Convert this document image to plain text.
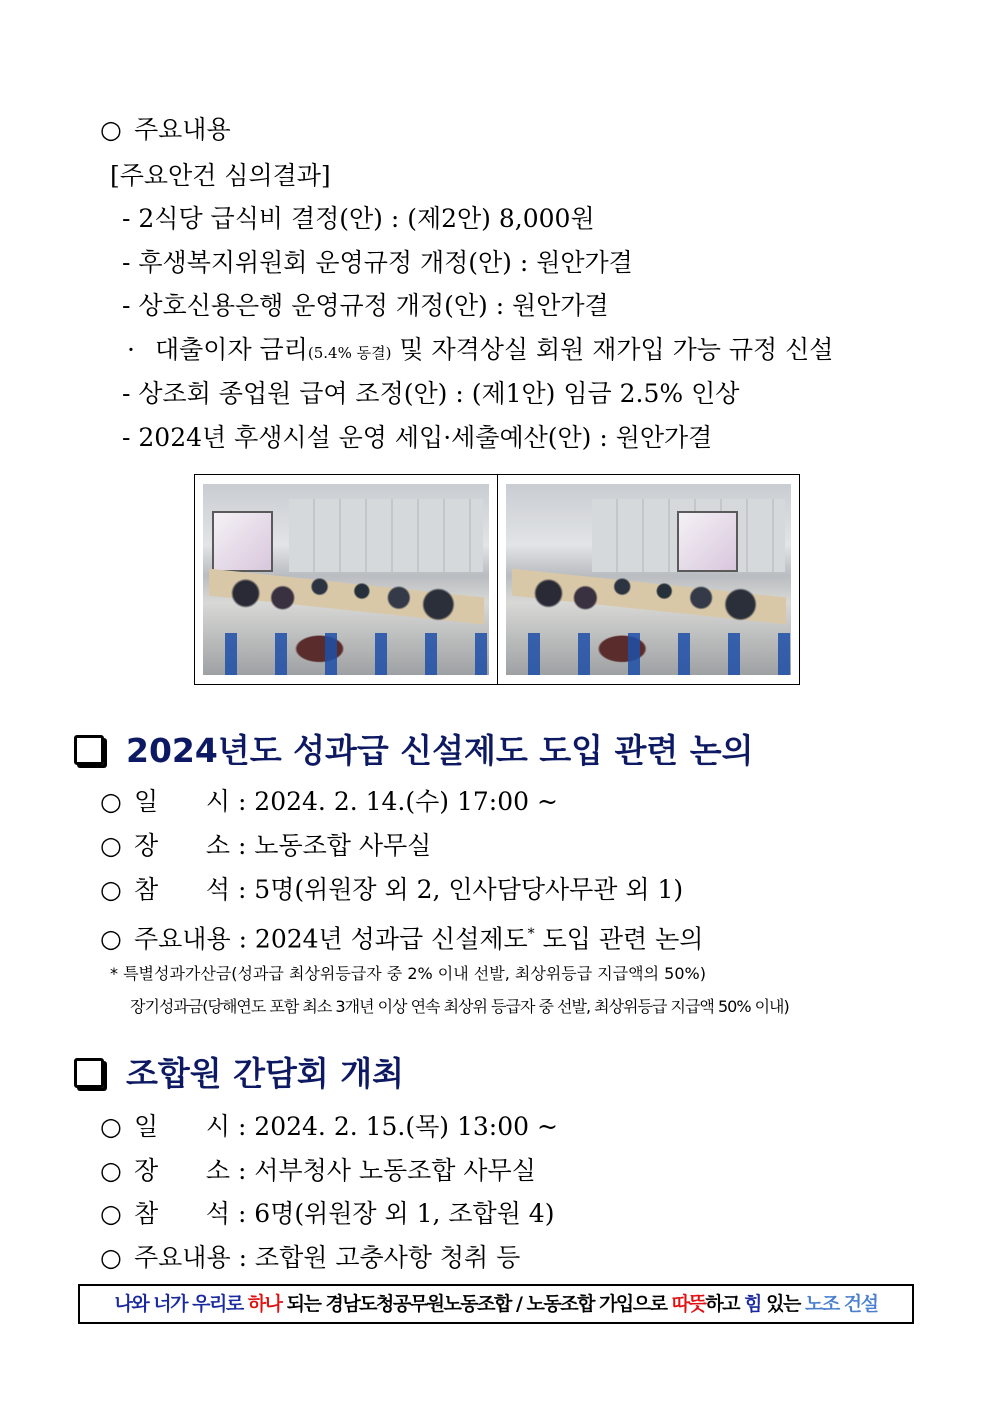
○ 주요내용
[주요안건 심의결과]
- 2식당 급식비 결정(안) : (제2안) 8,000원
- 후생복지위원회 운영규정 개정(안) : 원안가결
- 상호신용은행 운영규정 개정(안) : 원안가결
· 대출이자 금리(5.4% 동결) 및 자격상실 회원 재가입 가능 규정 신설
- 상조회 종업원 급여 조정(안) : (제1안) 임금 2.5% 인상
- 2024년 후생시설 운영 세입·세출예산(안) : 원안가결
2024년도 성과급 신설제도 도입 관련 논의
○ 일      시 : 2024. 2. 14.(수) 17:00 ~
○ 장      소 : 노동조합 사무실
○ 참      석 : 5명(위원장 외 2, 인사담당사무관 외 1)
○ 주요내용 : 2024년 성과급 신설제도* 도입 관련 논의
* 특별성과가산금(성과급 최상위등급자 중 2% 이내 선발, 최상위등급 지급액의 50%)
장기성과금(당해연도 포함 최소 3개년 이상 연속 최상위 등급자 중 선발, 최상위등급 지급액 50% 이내)
조합원 간담회 개최
○ 일      시 : 2024. 2. 15.(목) 13:00 ~
○ 장      소 : 서부청사 노동조합 사무실
○ 참      석 : 6명(위원장 외 1, 조합원 4)
○ 주요내용 : 조합원 고충사항 청취 등
나와 너가 우리로 하나 되는 경남도청공무원노동조합 / 노동조합 가입으로 따뜻하고 힘 있는 노조 건설
